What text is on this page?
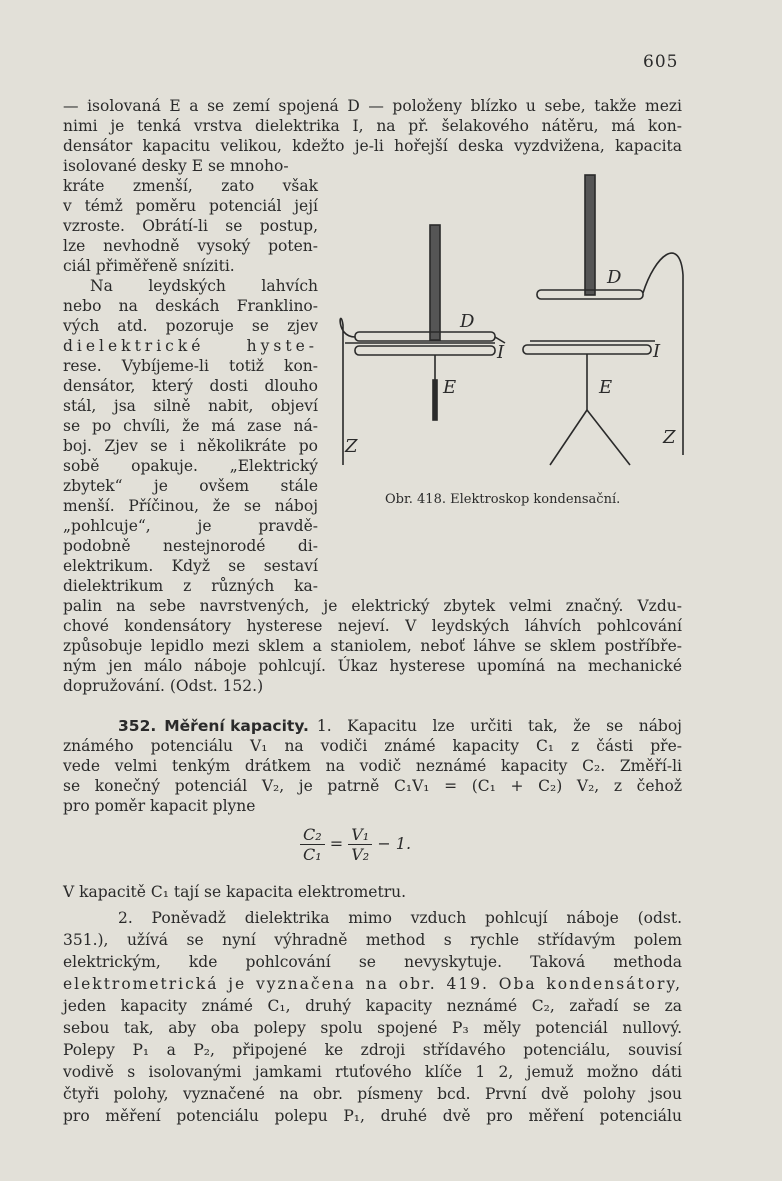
605
— isolovaná E a se zemí spojená D — položeny blízko u sebe, takže mezi
nimi je tenká vrstva dielektrika I, na př. šelakového nátěru, má kon-
densátor kapacitu velikou, kdežto je-li hořejší deska vyzdvižena, kapacita
isolované desky E se mnoho-
kráte zmenší, zato však
v témž poměru potenciál její
vzroste. Obrátí-li se postup,
lze nevhodně vysoký poten-
ciál přiměřeně sníziti.
Na leydských lahvích
nebo na deskách Franklino-
vých atd. pozoruje se zjev
dielektrické hyste-
rese. Vybíjeme-li totiž kon-
densátor, který dosti dlouho
stál, jsa silně nabit, objeví
se po chvíli, že má zase ná-
boj. Zjev se i několikráte po
sobě opakuje. „Elektrický
zbytek“ je ovšem stále
menší. Příčinou, že se náboj
„pohlcuje“, je pravdě-
podobně nestejnorodé di-
elektrikum. Když se sestaví
dielektrikum z různých ka-
palin na sebe navrstvených, je elektrický zbytek velmi značný. Vzdu-
chové kondensátory hysterese nejeví. V leydských láhvích pohlcování
způsobuje lepidlo mezi sklem a staniolem, neboť láhve se sklem postříbře-
ným jen málo náboje pohlcují. Úkaz hysterese upomíná na mechanické
dopružování. (Odst. 152.)
352. Měření kapacity. 1. Kapacitu lze určiti tak, že se náboj
známého potenciálu V₁ na vodiči známé kapacity C₁ z části pře-
vede velmi tenkým drátkem na vodič neznámé kapacity C₂. Změří-li
se konečný potenciál V₂, je patrně C₁V₁ = (C₁ + C₂) V₂, z čehož
pro poměr kapacit plyne
$\frac{\text{C₂}}{\text{C₁}} = \frac{\text{V₁}}{\text{V₂}} - 1$.
V kapacitě C₁ tají se kapacita elektrometru.
2. Poněvadž dielektrika mimo vzduch pohlcují náboje (odst.
351.), užívá se nyní výhradně method s rychle střídavým polem
elektrickým, kde pohlcování se nevyskytuje. Taková methoda
elektrometrická je vyznačena na obr. 419. Oba kondensátory,
jeden kapacity známé C₁, druhý kapacity neznámé C₂, zařadí se za
sebou tak, aby oba polepy spolu spojené P₃ měly potenciál nullový.
Polepy P₁ a P₂, připojené ke zdroji střídavého potenciálu, souvisí
vodivě s isolovanými jamkami rtuťového klíče 1 2, jemuž možno dáti
čtyři polohy, vyznačené na obr. písmeny bcd. První dvě polohy jsou
pro měření potenciálu polepu P₁, druhé dvě pro měření potenciálu
D
I
E
Z
D
I
E
Z
Obr. 418. Elektroskop kondensační.
